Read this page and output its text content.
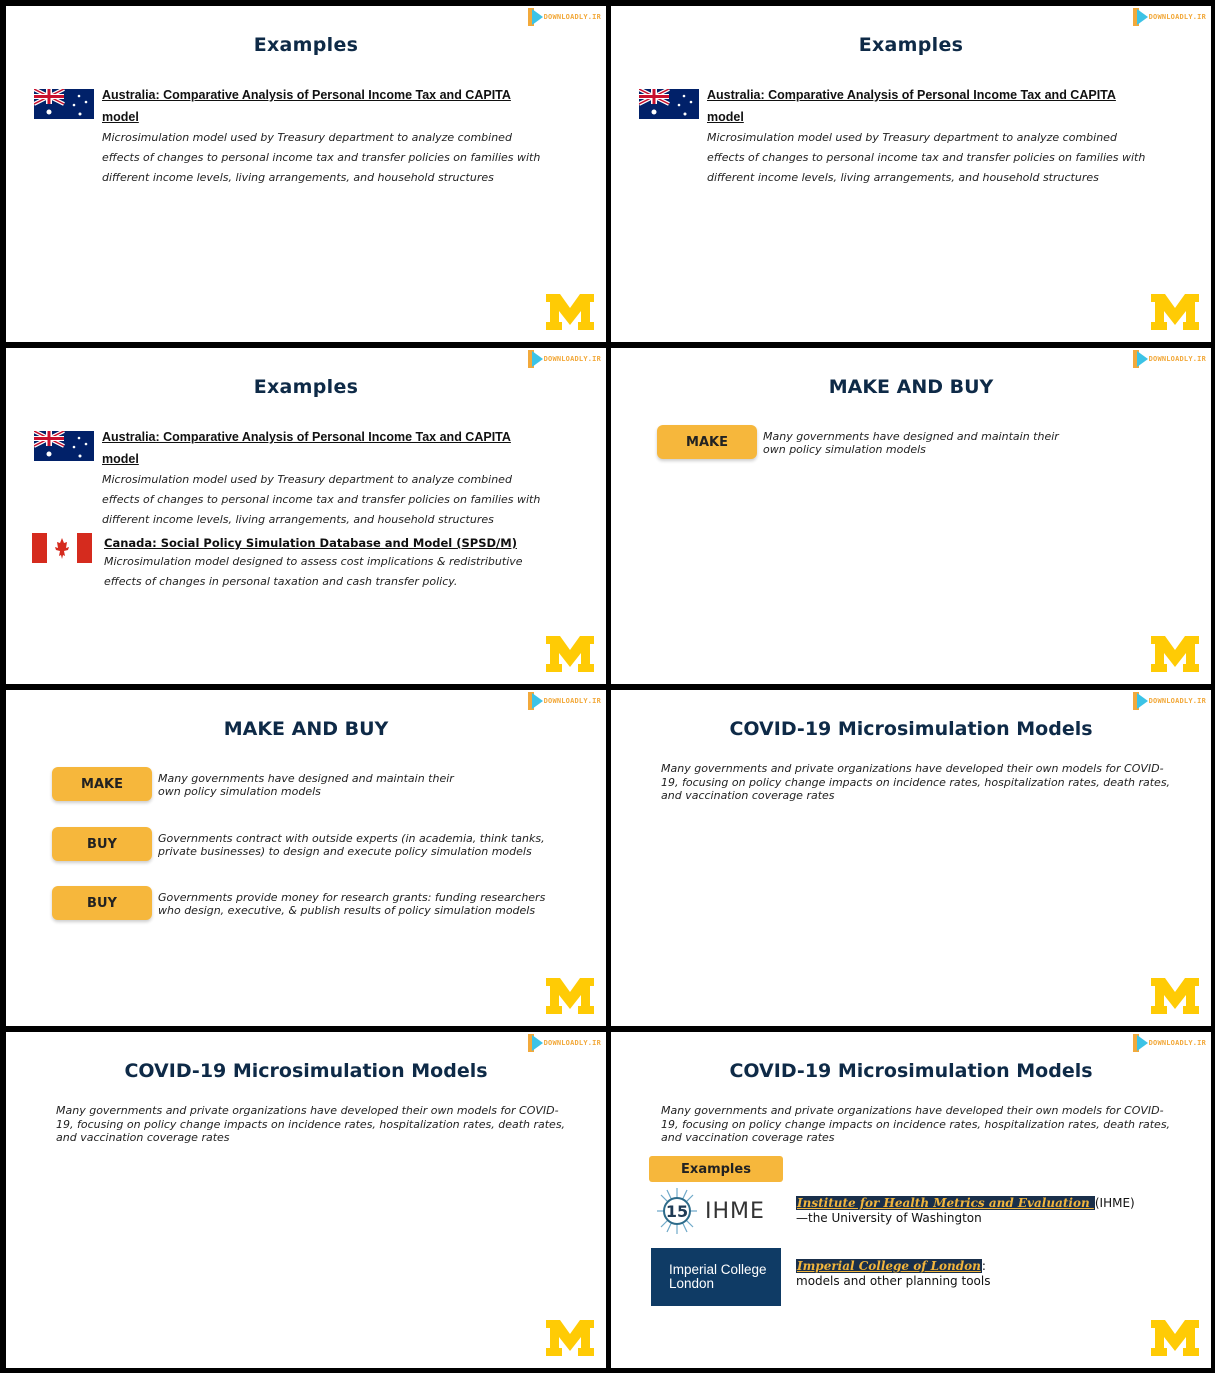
DOWNLOADLY.IR
Examples
Australia: Comparative Analysis of Personal Income Tax and CAPITA
model
Microsimulation model used by Treasury department to analyze combined
effects of changes to personal income tax and transfer policies on families with
different income levels, living arrangements, and household structures
DOWNLOADLY.IR
Examples
Australia: Comparative Analysis of Personal Income Tax and CAPITA
model
Microsimulation model used by Treasury department to analyze combined
effects of changes to personal income tax and transfer policies on families with
different income levels, living arrangements, and household structures
DOWNLOADLY.IR
Examples
Australia: Comparative Analysis of Personal Income Tax and CAPITA
model
Microsimulation model used by Treasury department to analyze combined
effects of changes to personal income tax and transfer policies on families with
different income levels, living arrangements, and household structures
Canada: Social Policy Simulation Database and Model (SPSD/M)
Microsimulation model designed to assess cost implications & redistributive
effects of changes in personal taxation and cash transfer policy.
DOWNLOADLY.IR
MAKE AND BUY
MAKE	Many governments have designed and maintain their
own policy simulation models
DOWNLOADLY.IR
MAKE AND BUY
MAKE	Many governments have designed and maintain their
own policy simulation models
BUY	Governments contract with outside experts (in academia, think tanks,
private businesses) to design and execute policy simulation models
BUY	Governments provide money for research grants: funding researchers
who design, executive, & publish results of policy simulation models
DOWNLOADLY.IR
COVID-19 Microsimulation Models
Many governments and private organizations have developed their own models for COVID-
19, focusing on policy change impacts on incidence rates, hospitalization rates, death rates,
and vaccination coverage rates
DOWNLOADLY.IR
COVID-19 Microsimulation Models
Many governments and private organizations have developed their own models for COVID-
19, focusing on policy change impacts on incidence rates, hospitalization rates, death rates,
and vaccination coverage rates
DOWNLOADLY.IR
COVID-19 Microsimulation Models
Many governments and private organizations have developed their own models for COVID-
19, focusing on policy change impacts on incidence rates, hospitalization rates, death rates,
and vaccination coverage rates
Examples
15 IHME	Institute for Health Metrics and Evaluation (IHME)
—the University of Washington
Imperial College
London
Imperial College of London:
models and other planning tools
